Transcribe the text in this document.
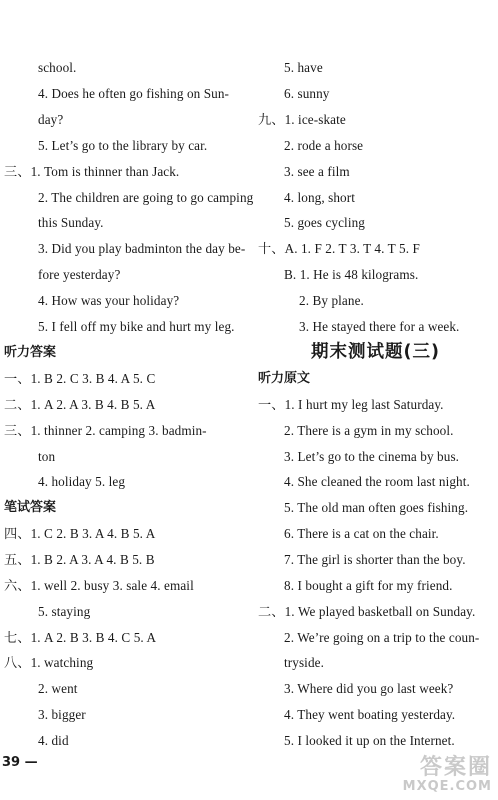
school.
4. Does he often go fishing on Sun-
day?
5. Let’s go to the library by car.
三、1. Tom is thinner than Jack.
2. The children are going to go camping
this Sunday.
3. Did you play badminton the day be-
fore yesterday?
4. How was your holiday?
5. I fell off my bike and hurt my leg.
听力答案
一、1. B 2. C 3. B 4. A 5. C
二、1. A 2. A 3. B 4. B 5. A
三、1. thinner 2. camping 3. badmin-
ton
4. holiday 5. leg
笔试答案
四、1. C 2. B 3. A 4. B 5. A
五、1. B 2. A 3. A 4. B 5. B
六、1. well 2. busy 3. sale 4. email
5. staying
七、1. A 2. B 3. B 4. C 5. A
八、1. watching
2. went
3. bigger
4. did
5. have
6. sunny
九、1. ice-skate
2. rode a horse
3. see a film
4. long, short
5. goes cycling
十、A. 1. F 2. T 3. T 4. T 5. F
B. 1. He is 48 kilograms.
2. By plane.
3. He stayed there for a week.
期末测试题(三)
听力原文
一、1. I hurt my leg last Saturday.
2. There is a gym in my school.
3. Let’s go to the cinema by bus.
4. She cleaned the room last night.
5. The old man often goes fishing.
6. There is a cat on the chair.
7. The girl is shorter than the boy.
8. I bought a gift for my friend.
二、1. We played basketball on Sunday.
2. We’re going on a trip to the coun-
tryside.
3. Where did you go last week?
4. They went boating yesterday.
5. I looked it up on the Internet.
39 —	答案圈
MXQE.COM
